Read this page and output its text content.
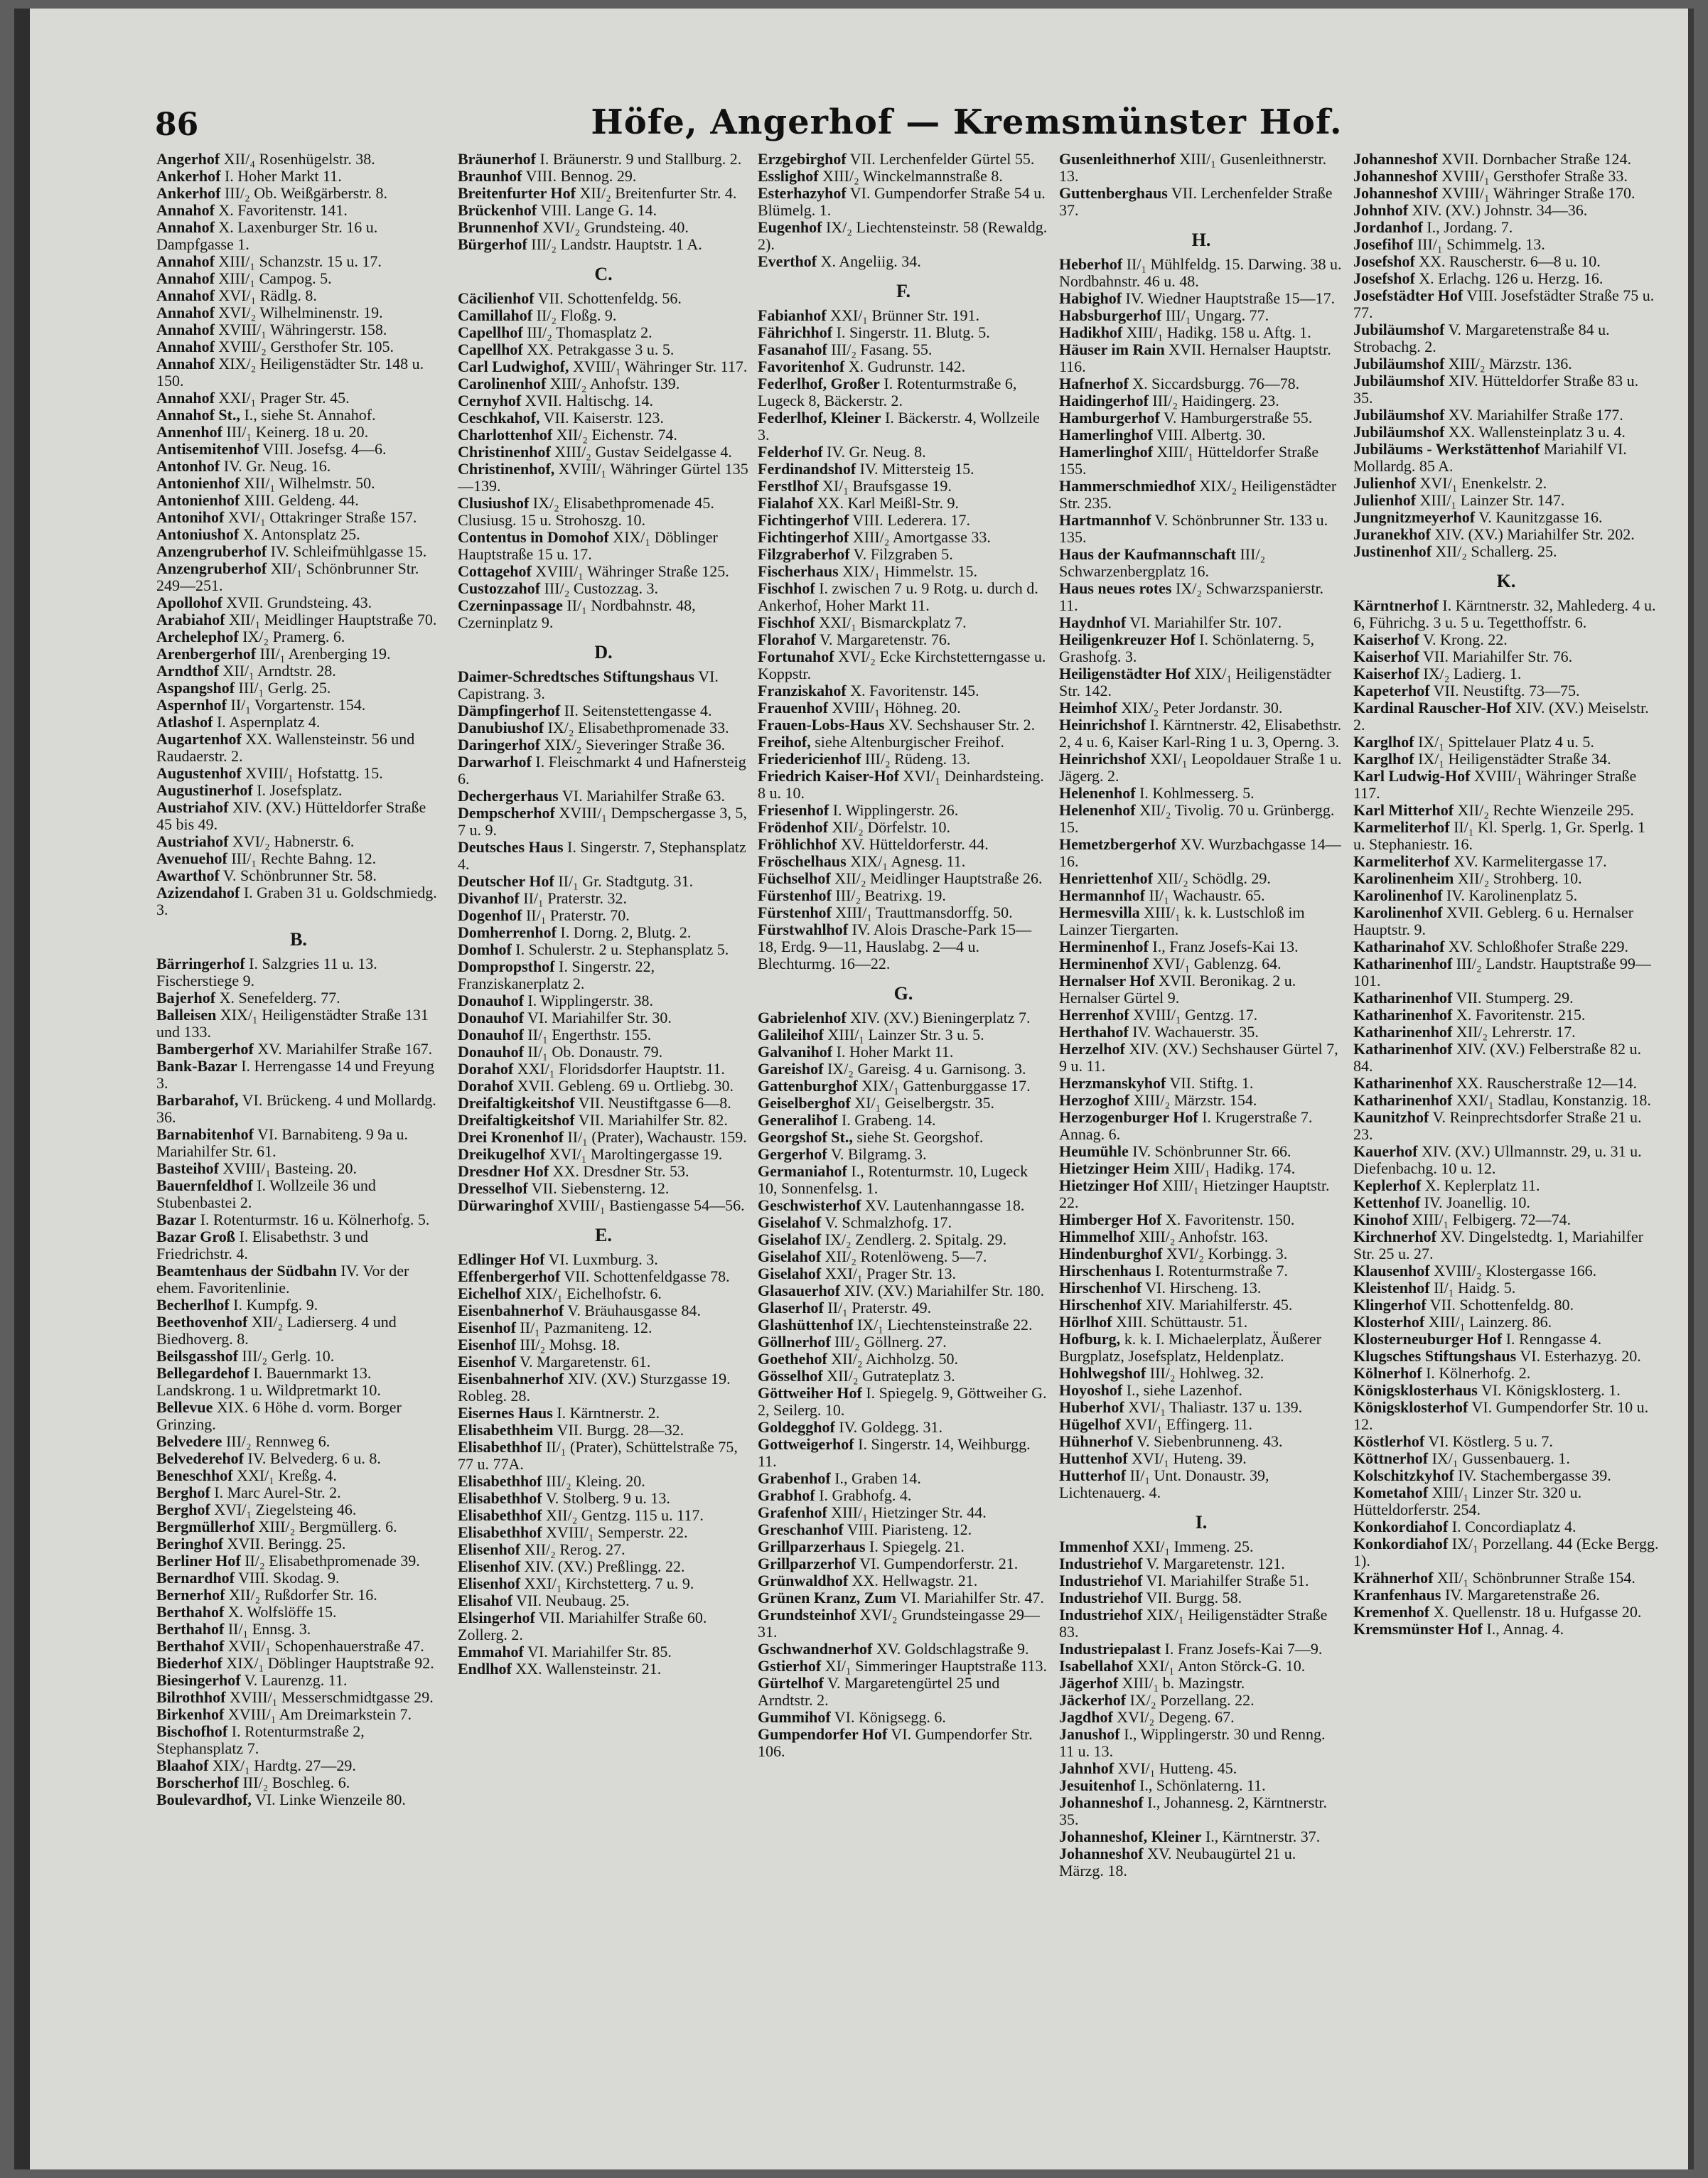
86	Höfe, Angerhof — Kremsmünster Hof.
Angerhof XII/₄ Rosenhügelstr. 38.
Ankerhof I. Hoher Markt 11.
Ankerhof III/₂ Ob. Weißgärberstr. 8.
Annahof X. Favoritenstr. 141.
Annahof X. Laxenburger Str. 16 u. Dampfgasse 1.
Annahof XIII/₁ Schanzstr. 15 u. 17.
Annahof XIII/₁ Campog. 5.
Annahof XVI/₁ Rädlg. 8.
Annahof XVI/₂ Wilhelminenstr. 19.
Annahof XVIII/₁ Währingerstr. 158.
Annahof XVIII/₂ Gersthofer Str. 105.
Annahof XIX/₂ Heiligenstädter Str. 148 u. 150.
Annahof XXI/₁ Prager Str. 45.
Annahof St., I., siehe St. Annahof.
Annenhof III/₁ Keinerg. 18 u. 20.
Antisemitenhof VIII. Josefsg. 4—6.
Antonhof IV. Gr. Neug. 16.
Antonienhof XII/₁ Wilhelmstr. 50.
Antonienhof XIII. Geldeng. 44.
Antonihof XVI/₁ Ottakringer Straße 157.
Antoniushof X. Antonsplatz 25.
Anzengruberhof IV. Schleifmühlgasse 15.
Anzengruberhof XII/₁ Schönbrunner Str. 249—251.
Apollohof XVII. Grundsteing. 43.
Arabiahof XII/₁ Meidlinger Hauptstraße 70.
Archelephof IX/₂ Pramerg. 6.
Arenbergerhof III/₁ Arenberging 19.
Arndthof XII/₁ Arndtstr. 28.
Aspangshof III/₁ Gerlg. 25.
Aspernhof II/₁ Vorgartenstr. 154.
Atlashof I. Aspernplatz 4.
Augartenhof XX. Wallensteinstr. 56 und Raudaerstr. 2.
Augustenhof XVIII/₁ Hofstattg. 15.
Augustinerhof I. Josefsplatz.
Austriahof XIV. (XV.) Hütteldorfer Straße 45 bis 49.
Austriahof XVI/₂ Habnerstr. 6.
Avenuehof III/₁ Rechte Bahng. 12.
Awarthof V. Schönbrunner Str. 58.
Azizendahof I. Graben 31 u. Goldschmiedg. 3.
B.
Bärringerhof I. Salzgries 11 u. 13. Fischerstiege 9.
Bajerhof X. Senefelderg. 77.
Balleisen XIX/₁ Heiligenstädter Straße 131 und 133.
Bambergerhof XV. Mariahilfer Straße 167.
Bank-Bazar I. Herrengasse 14 und Freyung 3.
Barbarahof, VI. Brückeng. 4 und Mollardg. 36.
Barnabitenhof VI. Barnabiteng. 9 9a u. Mariahilfer Str. 61.
Basteihof XVIII/₁ Basteing. 20.
Bauernfeldhof I. Wollzeile 36 und Stubenbastei 2.
Bazar I. Rotenturmstr. 16 u. Kölnerhofg. 5.
Bazar Groß I. Elisabethstr. 3 und Friedrichstr. 4.
Beamtenhaus der Südbahn IV. Vor der ehem. Favoritenlinie.
Becherlhof I. Kumpfg. 9.
Beethovenhof XII/₂ Ladierserg. 4 und Biedhoverg. 8.
Beilsgasshof III/₂ Gerlg. 10.
Bellegardehof I. Bauernmarkt 13. Landskrong. 1 u. Wildpretmarkt 10.
Bellevue XIX. 6 Höhe d. vorm. Borger Grinzing.
Belvedere III/₂ Rennweg 6.
Belvederehof IV. Belvederg. 6 u. 8.
Beneschhof XXI/₁ Kreßg. 4.
Berghof I. Marc Aurel-Str. 2.
Berghof XVI/₁ Ziegelsteing 46.
Bergmüllerhof XIII/₂ Bergmüllerg. 6.
Beringhof XVII. Beringg. 25.
Berliner Hof II/₂ Elisabethpromenade 39.
Bernardhof VIII. Skodag. 9.
Bernerhof XII/₂ Rußdorfer Str. 16.
Berthahof X. Wolfslöffe 15.
Berthahof II/₁ Ennsg. 3.
Berthahof XVII/₁ Schopenhauerstraße 47.
Biederhof XIX/₁ Döblinger Hauptstraße 92.
Biesingerhof V. Laurenzg. 11.
Bilrothhof XVIII/₁ Messerschmidtgasse 29.
Birkenhof XVIII/₁ Am Dreimarkstein 7.
Bischofhof I. Rotenturmstraße 2, Stephansplatz 7.
Blaahof XIX/₁ Hardtg. 27—29.
Borscherhof III/₂ Boschleg. 6.
Boulevardhof, VI. Linke Wienzeile 80.
Bräunerhof I. Bräunerstr. 9 und Stallburg. 2.
Braunhof VIII. Bennog. 29.
Breitenfurter Hof XII/₂ Breitenfurter Str. 4.
Brückenhof VIII. Lange G. 14.
Brunnenhof XVI/₂ Grundsteing. 40.
Bürgerhof III/₂ Landstr. Hauptstr. 1 A.
C.
Cäcilienhof VII. Schottenfeldg. 56.
Camillahof II/₂ Floßg. 9.
Capellhof III/₂ Thomasplatz 2.
Capellhof XX. Petrakgasse 3 u. 5.
Carl Ludwighof, XVIII/₁ Währinger Str. 117.
Carolinenhof XIII/₂ Anhofstr. 139.
Cernyhof XVII. Haltischg. 14.
Ceschkahof, VII. Kaiserstr. 123.
Charlottenhof XII/₂ Eichenstr. 74.
Christinenhof XIII/₂ Gustav Seidelgasse 4.
Christinenhof, XVIII/₁ Währinger Gürtel 135—139.
Clusiushof IX/₂ Elisabethpromenade 45. Clusiusg. 15 u. Strohoszg. 10.
Contentus in Domohof XIX/₁ Döblinger Hauptstraße 15 u. 17.
Cottagehof XVIII/₁ Währinger Straße 125.
Custozzahof III/₂ Custozzag. 3.
Czerninpassage II/₁ Nordbahnstr. 48, Czerninplatz 9.
D.
Daimer-Schredtsches Stiftungshaus VI. Capistrang. 3.
Dämpfingerhof II. Seitenstettengasse 4.
Danubiushof IX/₂ Elisabethpromenade 33.
Daringerhof XIX/₂ Sieveringer Straße 36.
Darwarhof I. Fleischmarkt 4 und Hafnersteig 6.
Dechergerhaus VI. Mariahilfer Straße 63.
Dempscherhof XVIII/₁ Dempschergasse 3, 5, 7 u. 9.
Deutsches Haus I. Singerstr. 7, Stephansplatz 4.
Deutscher Hof II/₁ Gr. Stadtgutg. 31.
Divanhof II/₁ Praterstr. 32.
Dogenhof II/₁ Praterstr. 70.
Domherrenhof I. Dorng. 2, Blutg. 2.
Domhof I. Schulerstr. 2 u. Stephansplatz 5.
Dompropsthof I. Singerstr. 22, Franziskanerplatz 2.
Donauhof I. Wipplingerstr. 38.
Donauhof VI. Mariahilfer Str. 30.
Donauhof II/₁ Engerthstr. 155.
Donauhof II/₁ Ob. Donaustr. 79.
Dorahof XXI/₁ Floridsdorfer Hauptstr. 11.
Dorahof XVII. Gebleng. 69 u. Ortliebg. 30.
Dreifaltigkeitshof VII. Neustiftgasse 6—8.
Dreifaltigkeitshof VII. Mariahilfer Str. 82.
Drei Kronenhof II/₁ (Prater), Wachaustr. 159.
Dreikugelhof XVI/₁ Maroltingergasse 19.
Dresdner Hof XX. Dresdner Str. 53.
Dresselhof VII. Siebensterng. 12.
Dürwaringhof XVIII/₁ Bastiengasse 54—56.
E.
Edlinger Hof VI. Luxmburg. 3.
Effenbergerhof VII. Schottenfeldgasse 78.
Eichelhof XIX/₁ Eichelhofstr. 6.
Eisenbahnerhof V. Bräuhausgasse 84.
Eisenhof II/₁ Pazmaniteng. 12.
Eisenhof III/₂ Mohsg. 18.
Eisenhof V. Margaretenstr. 61.
Eisenbahnerhof XIV. (XV.) Sturzgasse 19. Robleg. 28.
Eisernes Haus I. Kärntnerstr. 2.
Elisabethheim VII. Burgg. 28—32.
Elisabethhof II/₁ (Prater), Schüttelstraße 75, 77 u. 77A.
Elisabethhof III/₂ Kleing. 20.
Elisabethhof V. Stolberg. 9 u. 13.
Elisabethhof XII/₂ Gentzg. 115 u. 117.
Elisabethhof XVIII/₁ Semperstr. 22.
Elisenhof XII/₂ Rerog. 27.
Elisenhof XIV. (XV.) Preßlingg. 22.
Elisenhof XXI/₁ Kirchstetterg. 7 u. 9.
Elisahof VII. Neubaug. 25.
Elsingerhof VII. Mariahilfer Straße 60. Zollerg. 2.
Emmahof VI. Mariahilfer Str. 85.
Endlhof XX. Wallensteinstr. 21.
Erzgebirghof VII. Lerchenfelder Gürtel 55.
Esslighof XIII/₂ Winckelmannstraße 8.
Esterhazyhof VI. Gumpendorfer Straße 54 u. Blümelg. 1.
Eugenhof IX/₂ Liechtensteinstr. 58 (Rewaldg. 2).
Everthof X. Angeliig. 34.
F.
Fabianhof XXI/₁ Brünner Str. 191.
Fährichhof I. Singerstr. 11. Blutg. 5.
Fasanahof III/₂ Fasang. 55.
Favoritenhof X. Gudrunstr. 142.
Federlhof, Großer I. Rotenturmstraße 6, Lugeck 8, Bäckerstr. 2.
Federlhof, Kleiner I. Bäckerstr. 4, Wollzeile 3.
Felderhof IV. Gr. Neug. 8.
Ferdinandshof IV. Mittersteig 15.
Ferstlhof XI/₁ Braufsgasse 19.
Fialahof XX. Karl Meißl-Str. 9.
Fichtingerhof VIII. Lederera. 17.
Fichtingerhof XIII/₂ Amortgasse 33.
Filzgraberhof V. Filzgraben 5.
Fischerhaus XIX/₁ Himmelstr. 15.
Fischhof I. zwischen 7 u. 9 Rotg. u. durch d. Ankerhof, Hoher Markt 11.
Fischhof XXI/₁ Bismarckplatz 7.
Florahof V. Margaretenstr. 76.
Fortunahof XVI/₂ Ecke Kirchstetterngasse u. Koppstr.
Franziskahof X. Favoritenstr. 145.
Frauenhof XVIII/₁ Höhneg. 20.
Frauen-Lobs-Haus XV. Sechshauser Str. 2.
Freihof, siehe Altenburgischer Freihof.
Friedericienhof III/₂ Rüdeng. 13.
Friedrich Kaiser-Hof XVI/₁ Deinhardsteing. 8 u. 10.
Friesenhof I. Wipplingerstr. 26.
Frödenhof XII/₂ Dörfelstr. 10.
Fröhlichhof XV. Hütteldorferstr. 44.
Fröschelhaus XIX/₁ Agnesg. 11.
Füchselhof XII/₂ Meidlinger Hauptstraße 26.
Fürstenhof III/₂ Beatrixg. 19.
Fürstenhof XIII/₁ Trauttmansdorffg. 50.
Fürstwahlhof IV. Alois Drasche-Park 15—18, Erdg. 9—11, Hauslabg. 2—4 u. Blechturmg. 16—22.
G.
Gabrielenhof XIV. (XV.) Bieningerplatz 7.
Galileihof XIII/₁ Lainzer Str. 3 u. 5.
Galvanihof I. Hoher Markt 11.
Gareishof IX/₂ Gareisg. 4 u. Garnisong. 3.
Gattenburghof XIX/₁ Gattenburggasse 17.
Geiselberghof XI/₁ Geiselbergstr. 35.
Generalihof I. Grabeng. 14.
Georgshof St., siehe St. Georgshof.
Gergerhof V. Bilgramg. 3.
Germaniahof I., Rotenturmstr. 10, Lugeck 10, Sonnenfelsg. 1.
Geschwisterhof XV. Lautenhanngasse 18.
Giselahof V. Schmalzhofg. 17.
Giselahof IX/₂ Zendlerg. 2. Spitalg. 29.
Giselahof XII/₂ Rotenlöweng. 5—7.
Giselahof XXI/₁ Prager Str. 13.
Glasauerhof XIV. (XV.) Mariahilfer Str. 180.
Glaserhof II/₁ Praterstr. 49.
Glashüttenhof IX/₁ Liechtensteinstraße 22.
Göllnerhof III/₂ Göllnerg. 27.
Goethehof XII/₂ Aichholzg. 50.
Gösselhof XII/₂ Gutrateplatz 3.
Göttweiher Hof I. Spiegelg. 9, Göttweiher G. 2, Seilerg. 10.
Goldegghof IV. Goldegg. 31.
Gottweigerhof I. Singerstr. 14, Weihburgg. 11.
Grabenhof I., Graben 14.
Grabhof I. Grabhofg. 4.
Grafenhof XIII/₁ Hietzinger Str. 44.
Greschanhof VIII. Piaristeng. 12.
Grillparzerhaus I. Spiegelg. 21.
Grillparzerhof VI. Gumpendorferstr. 21.
Grünwaldhof XX. Hellwagstr. 21.
Grünen Kranz, Zum VI. Mariahilfer Str. 47.
Grundsteinhof XVI/₂ Grundsteingasse 29—31.
Gschwandnerhof XV. Goldschlagstraße 9.
Gstierhof XI/₁ Simmeringer Hauptstraße 113.
Gürtelhof V. Margaretengürtel 25 und Arndtstr. 2.
Gummihof VI. Königsegg. 6.
Gumpendorfer Hof VI. Gumpendorfer Str. 106.
Gusenleithnerhof XIII/₁ Gusenleithnerstr. 13.
Guttenberghaus VII. Lerchenfelder Straße 37.
H.
Heberhof II/₁ Mühlfeldg. 15. Darwing. 38 u. Nordbahnstr. 46 u. 48.
Habighof IV. Wiedner Hauptstraße 15—17.
Habsburgerhof III/₁ Ungarg. 77.
Hadikhof XIII/₁ Hadikg. 158 u. Aftg. 1.
Häuser im Rain XVII. Hernalser Hauptstr. 116.
Hafnerhof X. Siccardsburgg. 76—78.
Haidingerhof III/₂ Haidingerg. 23.
Hamburgerhof V. Hamburgerstraße 55.
Hamerlinghof VIII. Albertg. 30.
Hamerlinghof XIII/₁ Hütteldorfer Straße 155.
Hammerschmiedhof XIX/₂ Heiligenstädter Str. 235.
Hartmannhof V. Schönbrunner Str. 133 u. 135.
Haus der Kaufmannschaft III/₂ Schwarzenbergplatz 16.
Haus neues rotes IX/₂ Schwarzspanierstr. 11.
Haydnhof VI. Mariahilfer Str. 107.
Heiligenkreuzer Hof I. Schönlaterng. 5, Grashofg. 3.
Heiligenstädter Hof XIX/₁ Heiligenstädter Str. 142.
Heimhof XIX/₂ Peter Jordanstr. 30.
Heinrichshof I. Kärntnerstr. 42, Elisabethstr. 2, 4 u. 6, Kaiser Karl-Ring 1 u. 3, Operng. 3.
Heinrichshof XXI/₁ Leopoldauer Straße 1 u. Jägerg. 2.
Helenenhof I. Kohlmesserg. 5.
Helenenhof XII/₂ Tivolig. 70 u. Grünbergg. 15.
Hemetzbergerhof XV. Wurzbachgasse 14—16.
Henriettenhof XII/₂ Schödlg. 29.
Hermannhof II/₁ Wachaustr. 65.
Hermesvilla XIII/₁ k. k. Lustschloß im Lainzer Tiergarten.
Herminenhof I., Franz Josefs-Kai 13.
Herminenhof XVI/₁ Gablenzg. 64.
Hernalser Hof XVII. Beronikag. 2 u. Hernalser Gürtel 9.
Herrenhof XVIII/₁ Gentzg. 17.
Herthahof IV. Wachauerstr. 35.
Herzelhof XIV. (XV.) Sechshauser Gürtel 7, 9 u. 11.
Herzmanskyhof VII. Stiftg. 1.
Herzoghof XIII/₂ Märzstr. 154.
Herzogenburger Hof I. Krugerstraße 7. Annag. 6.
Heumühle IV. Schönbrunner Str. 66.
Hietzinger Heim XIII/₁ Hadikg. 174.
Hietzinger Hof XIII/₁ Hietzinger Hauptstr. 22.
Himberger Hof X. Favoritenstr. 150.
Himmelhof XIII/₂ Anhofstr. 163.
Hindenburghof XVI/₂ Korbingg. 3.
Hirschenhaus I. Rotenturmstraße 7.
Hirschenhof VI. Hirscheng. 13.
Hirschenhof XIV. Mariahilferstr. 45.
Hörlhof XIII. Schüttaustr. 51.
Hofburg, k. k. I. Michaelerplatz, Äußerer Burgplatz, Josefsplatz, Heldenplatz.
Hohlwegshof III/₂ Hohlweg. 32.
Hoyoshof I., siehe Lazenhof.
Huberhof XVI/₁ Thaliastr. 137 u. 139.
Hügelhof XVI/₁ Effingerg. 11.
Hühnerhof V. Siebenbrunneng. 43.
Huttenhof XVI/₁ Huteng. 39.
Hutterhof II/₁ Unt. Donaustr. 39, Lichtenauerg. 4.
I.
Immenhof XXI/₁ Immeng. 25.
Industriehof V. Margaretenstr. 121.
Industriehof VI. Mariahilfer Straße 51.
Industriehof VII. Burgg. 58.
Industriehof XIX/₁ Heiligenstädter Straße 83.
Industriepalast I. Franz Josefs-Kai 7—9.
Isabellahof XXI/₁ Anton Störck-G. 10.
Jägerhof XIII/₁ b. Mazingstr.
Jäckerhof IX/₂ Porzellang. 22.
Jagdhof XVI/₂ Degeng. 67.
Janushof I., Wipplingerstr. 30 und Renng. 11 u. 13.
Jahnhof XVI/₁ Hutteng. 45.
Jesuitenhof I., Schönlaterng. 11.
Johanneshof I., Johannesg. 2, Kärntnerstr. 35.
Johanneshof, Kleiner I., Kärntnerstr. 37.
Johanneshof XV. Neubaugürtel 21 u. Märzg. 18.
Johanneshof XVII. Dornbacher Straße 124.
Johanneshof XVIII/₁ Gersthofer Straße 33.
Johanneshof XVIII/₁ Währinger Straße 170.
Johnhof XIV. (XV.) Johnstr. 34—36.
Jordanhof I., Jordang. 7.
Josefihof III/₁ Schimmelg. 13.
Josefshof XX. Rauscherstr. 6—8 u. 10.
Josefshof X. Erlachg. 126 u. Herzg. 16.
Josefstädter Hof VIII. Josefstädter Straße 75 u. 77.
Jubiläumshof V. Margaretenstraße 84 u. Strobachg. 2.
Jubiläumshof XIII/₂ Märzstr. 136.
Jubiläumshof XIV. Hütteldorfer Straße 83 u. 35.
Jubiläumshof XV. Mariahilfer Straße 177.
Jubiläumshof XX. Wallensteinplatz 3 u. 4.
Jubiläums - Werkstättenhof Mariahilf VI. Mollardg. 85 A.
Julienhof XVI/₁ Enenkelstr. 2.
Julienhof XIII/₁ Lainzer Str. 147.
Jungnitzmeyerhof V. Kaunitzgasse 16.
Juranekhof XIV. (XV.) Mariahilfer Str. 202.
Justinenhof XII/₂ Schallerg. 25.
K.
Kärntnerhof I. Kärntnerstr. 32, Mahlederg. 4 u. 6, Führichg. 3 u. 5 u. Tegetthoffstr. 6.
Kaiserhof V. Krong. 22.
Kaiserhof VII. Mariahilfer Str. 76.
Kaiserhof IX/₂ Ladierg. 1.
Kapeterhof VII. Neustiftg. 73—75.
Kardinal Rauscher-Hof XIV. (XV.) Meiselstr. 2.
Karglhof IX/₁ Spittelauer Platz 4 u. 5.
Karglhof IX/₁ Heiligenstädter Straße 34.
Karl Ludwig-Hof XVIII/₁ Währinger Straße 117.
Karl Mitterhof XII/₂ Rechte Wienzeile 295.
Karmeliterhof II/₁ Kl. Sperlg. 1, Gr. Sperlg. 1 u. Stephaniestr. 16.
Karmeliterhof XV. Karmelitergasse 17.
Karolinenheim XII/₂ Strohberg. 10.
Karolinenhof IV. Karolinenplatz 5.
Karolinenhof XVII. Geblerg. 6 u. Hernalser Hauptstr. 9.
Katharinahof XV. Schloßhofer Straße 229.
Katharinenhof III/₂ Landstr. Hauptstraße 99—101.
Katharinenhof VII. Stumperg. 29.
Katharinenhof X. Favoritenstr. 215.
Katharinenhof XII/₂ Lehrerstr. 17.
Katharinenhof XIV. (XV.) Felberstraße 82 u. 84.
Katharinenhof XX. Rauscherstraße 12—14.
Katharinenhof XXI/₁ Stadlau, Konstanzig. 18.
Kaunitzhof V. Reinprechtsdorfer Straße 21 u. 23.
Kauerhof XIV. (XV.) Ullmannstr. 29, u. 31 u. Diefenbachg. 10 u. 12.
Keplerhof X. Keplerplatz 11.
Kettenhof IV. Joanellig. 10.
Kinohof XIII/₁ Felbigerg. 72—74.
Kirchnerhof XV. Dingelstedtg. 1, Mariahilfer Str. 25 u. 27.
Klausenhof XVIII/₂ Klostergasse 166.
Kleistenhof II/₁ Haidg. 5.
Klingerhof VII. Schottenfeldg. 80.
Klosterhof XIII/₁ Lainzerg. 86.
Klosterneuburger Hof I. Renngasse 4.
Klugsches Stiftungshaus VI. Esterhazyg. 20.
Kölnerhof I. Kölnerhofg. 2.
Königsklosterhaus VI. Königsklosterg. 1.
Königsklosterhof VI. Gumpendorfer Str. 10 u. 12.
Köstlerhof VI. Köstlerg. 5 u. 7.
Köttnerhof IX/₁ Gussenbauerg. 1.
Kolschitzkyhof IV. Stachembergasse 39.
Kometahof XIII/₁ Linzer Str. 320 u. Hütteldorferstr. 254.
Konkordiahof I. Concordiaplatz 4.
Konkordiahof IX/₁ Porzellang. 44 (Ecke Bergg. 1).
Krähnerhof XII/₁ Schönbrunner Straße 154.
Kranfenhaus IV. Margaretenstraße 26.
Kremenhof X. Quellenstr. 18 u. Hufgasse 20.
Kremsmünster Hof I., Annag. 4.
